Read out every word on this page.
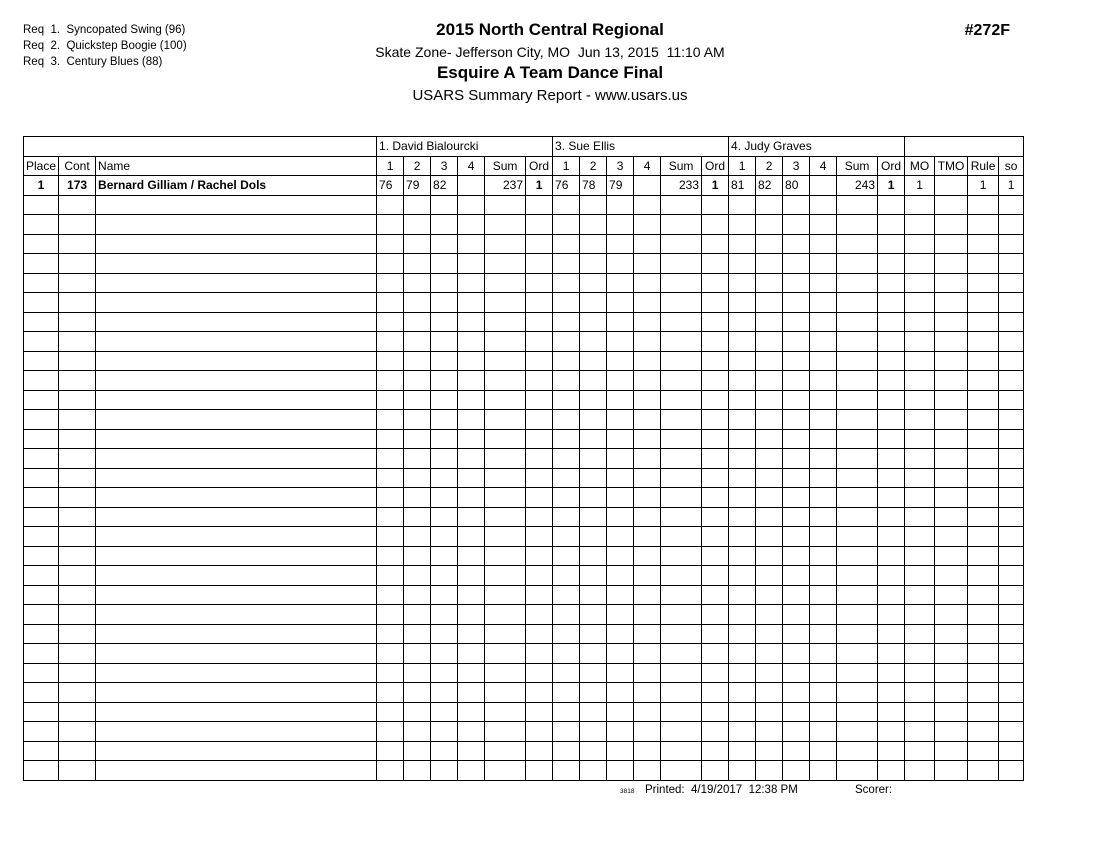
Req  1.  Syncopated Swing (96)
Req  2.  Quickstep Boogie (100)
Req  3.  Century Blues (88)
2015 North Central Regional
Skate Zone- Jefferson City, MO  Jun 13, 2015  11:10 AM
Esquire A Team Dance Final
USARS Summary Report - www.usars.us
#272F
			1. David Bialourcki						3. Sue Ellis						4. Judy Graves									
Place	Cont	Name	1	2	3	4	Sum	Ord	1	2	3	4	Sum	Ord	1	2	3	4	Sum	Ord	MO	TMO	Rule	so
1	173	Bernard Gilliam / Rachel Dols	76	79	82		237	1	76	78	79		233	1	81	82	80		243	1	1		1	1

3818 Printed:  4/19/2017  12:38 PM	Scorer:
